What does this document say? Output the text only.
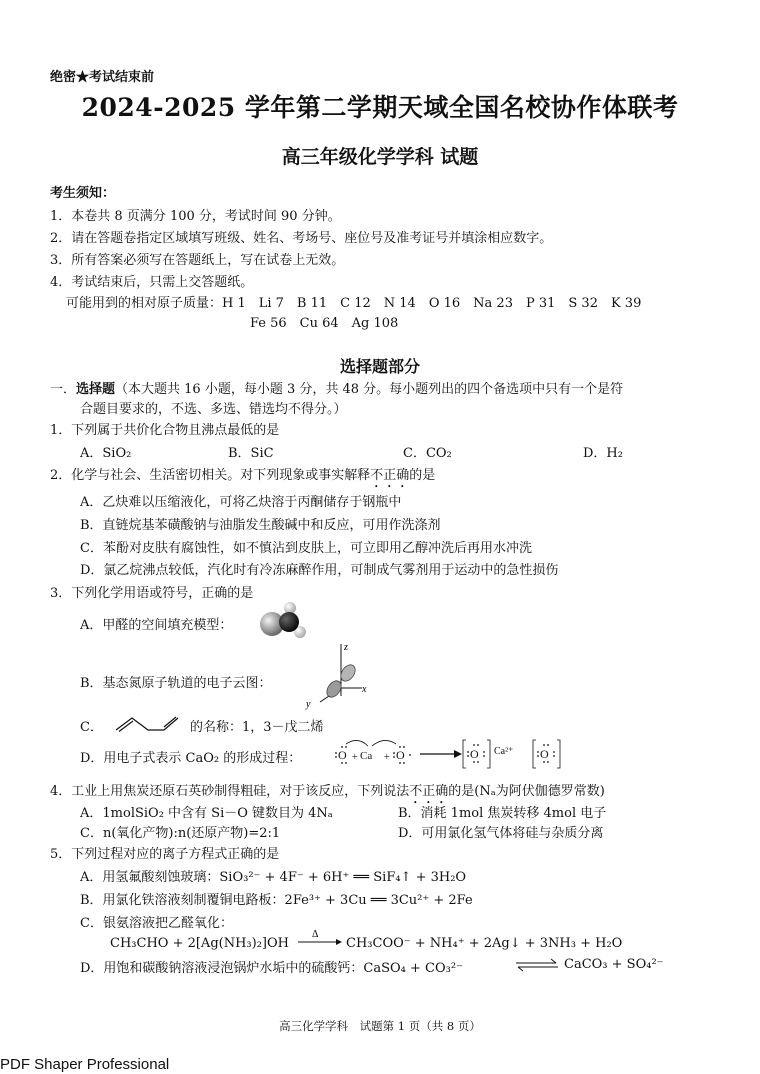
绝密★考试结束前
2024-2025 学年第二学期天域全国名校协作体联考
高三年级化学学科 试题
考生须知：
1．本卷共 8 页满分 100 分，考试时间 90 分钟。
2．请在答题卷指定区域填写班级、姓名、考场号、座位号及准考证号并填涂相应数字。
3．所有答案必须写在答题纸上，写在试卷上无效。
4．考试结束后，只需上交答题纸。
可能用到的相对原子质量：H 1　Li 7　B 11　C 12　N 14　O 16　Na 23　P 31　S 32　K 39
Fe 56　Cu 64　Ag 108
选择题部分
一．选择题（本大题共 16 小题，每小题 3 分，共 48 分。每小题列出的四个备选项中只有一个是符
合题目要求的，不选、多选、错选均不得分。）
1．下列属于共价化合物且沸点最低的是
A．SiO₂	B．SiC	C．CO₂	D．H₂
2．化学与社会、生活密切相关。对下列现象或事实解释不正确的是
A．乙炔难以压缩液化，可将乙炔溶于丙酮储存于钢瓶中
B．直链烷基苯磺酸钠与油脂发生酸碱中和反应，可用作洗涤剂
C．苯酚对皮肤有腐蚀性，如不慎沾到皮肤上，可立即用乙醇冲洗后再用水冲洗
D．氯乙烷沸点较低，汽化时有冷冻麻醉作用，可制成气雾剂用于运动中的急性损伤
3．下列化学用语或符号，正确的是
A．甲醛的空间填充模型：
B．基态氮原子轨道的电子云图：
z
x
y
C．	的名称：1，3－戊二烯
D．用电子式表示 CaO₂ 的形成过程：	O + Ca + O	O Ca²⁺ O
4．工业上用焦炭还原石英砂制得粗硅，对于该反应，下列说法不正确的是(Nₐ为阿伏伽德罗常数)
A．1molSiO₂ 中含有 Si－O 键数目为 4Nₐ	B．消耗 1mol 焦炭转移 4mol 电子
C．n(氧化产物):n(还原产物)=2:1	D．可用氯化氢气体将硅与杂质分离
5．下列过程对应的离子方程式正确的是
A．用氢氟酸刻蚀玻璃：SiO₃²⁻ + 4F⁻ + 6H⁺ ══ SiF₄↑ + 3H₂O
B．用氯化铁溶液刻制覆铜电路板：2Fe³⁺ + 3Cu ══ 3Cu²⁺ + 2Fe
C．银氨溶液把乙醛氧化：
CH₃CHO + 2[Ag(NH₃)₂]OH
Δ
CH₃COO⁻ + NH₄⁺ + 2Ag↓ + 3NH₃ + H₂O
D．用饱和碳酸钠溶液浸泡锅炉水垢中的硫酸钙：CaSO₄ + CO₃²⁻	⇌ CaCO₃ + SO₄²⁻
高三化学学科　试题第 1 页（共 8 页）
PDF Shaper Professional
